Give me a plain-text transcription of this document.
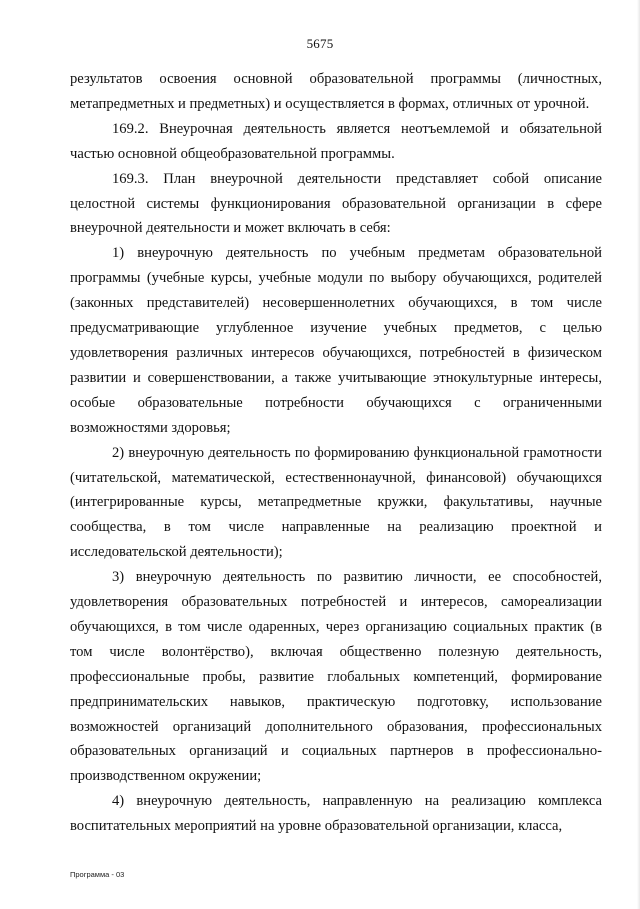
5675

результатов освоения основной образовательной программы (личностных, метапредметных и предметных) и осуществляется в формах, отличных от урочной.

169.2. Внеурочная деятельность является неотъемлемой и обязательной частью основной общеобразовательной программы.

169.3. План внеурочной деятельности представляет собой описание целостной системы функционирования образовательной организации в сфере внеурочной деятельности и может включать в себя:

1) внеурочную деятельность по учебным предметам образовательной программы (учебные курсы, учебные модули по выбору обучающихся, родителей (законных представителей) несовершеннолетних обучающихся, в том числе предусматривающие углубленное изучение учебных предметов, с целью удовлетворения различных интересов обучающихся, потребностей в физическом развитии и совершенствовании, а также учитывающие этнокультурные интересы, особые образовательные потребности обучающихся с ограниченными возможностями здоровья;

2) внеурочную деятельность по формированию функциональной грамотности (читательской, математической, естественнонаучной, финансовой) обучающихся (интегрированные курсы, метапредметные кружки, факультативы, научные сообщества, в том числе направленные на реализацию проектной и исследовательской деятельности);

3) внеурочную деятельность по развитию личности, ее способностей, удовлетворения образовательных потребностей и интересов, самореализации обучающихся, в том числе одаренных, через организацию социальных практик (в том числе волонтёрство), включая общественно полезную деятельность, профессиональные пробы, развитие глобальных компетенций, формирование предпринимательских навыков, практическую подготовку, использование возможностей организаций дополнительного образования, профессиональных образовательных организаций и социальных партнеров в профессионально-производственном окружении;

4) внеурочную деятельность, направленную на реализацию комплекса воспитательных мероприятий на уровне образовательной организации, класса,

Программа - 03
